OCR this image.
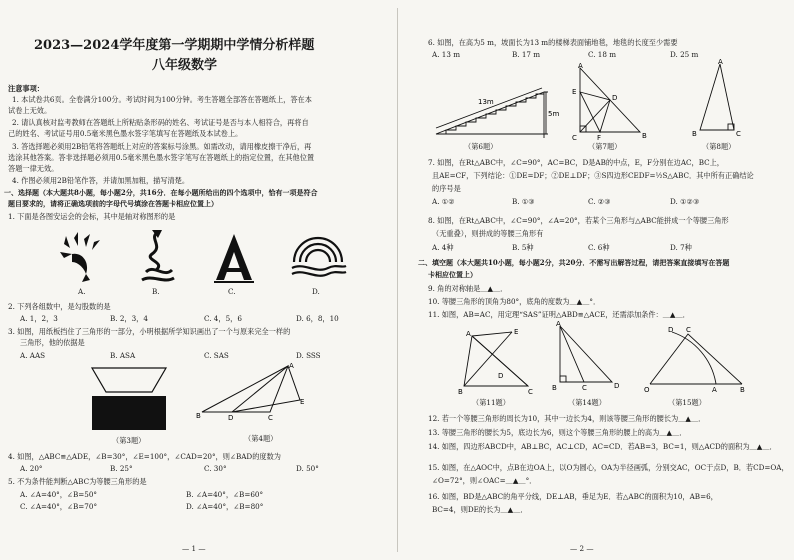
2023—2024学年度第一学期期中学情分析样题
八年级数学
注意事项：
1. 本试卷共6页。全卷满分100分。考试时间为100分钟。考生答题全部答在答题纸上，答在本
试卷上无效。
2. 请认真核对监考教师在答题纸上所粘贴条形码的姓名、考试证号是否与本人相符合，再将自
己的姓名、考试证号用0.5毫米黑色墨水签字笔填写在答题纸及本试卷上。
3. 答选择题必须用2B铅笔将答题纸上对应的答案标号涂黑。如需改动，请用橡皮擦干净后，再
选涂其他答案。答非选择题必须用0.5毫米黑色墨水签字笔写在答题纸上的指定位置，在其他位置
答题一律无效。
4. 作图必须用2B铅笔作答，并请加黑加粗，描写清楚。
一、选择题（本大题共8小题，每小题2分，共16分．在每小题所给出的四个选项中，恰有一项是符合
题目要求的，请将正确选项前的字母代号填涂在答题卡相应位置上）
1. 下面是各图安运会的会标，其中是轴对称图形的是
A.	B.	C.	D.
2. 下列各组数中，是勾股数的是
A. 1，2，3	B. 2，3，4	C. 4，5，6	D. 6，8，10
3. 如图，用纸板挡住了三角形的一部分，小明根据所学知识画出了一个与原来完全一样的
三角形，他的依据是
A. AAS	B. ASA	C. SAS	D. SSS
（第3题）
A
B	C
D
E
（第4题）
4. 如图，△ABC≌△ADE，∠B=30°，∠E=100°，∠CAD=20°，则∠BAD的度数为
A. 20°	B. 25°	C. 30°	D. 50°
5. 不为条件能判断△ABC为等腰三角形的是
A. ∠A=40°，∠B=50°	B. ∠A=40°，∠B=60°
C. ∠A=40°，∠B=70°	D. ∠A=40°，∠B=80°
— 1 —
6. 如图，在高为5 m，坡面长为13 m的楼梯表面铺地毯，地毯的长度至少需要
A. 13 m	B. 17 m	C. 18 m	D. 25 m
13m
5m
（第6题）
A
E
D
B
F
C
（第7题）
A
B	C
（第8题）
7. 如图，在Rt△ABC中，∠C=90°，AC=BC，D是AB的中点，E，F分别在边AC，BC上，
且AE=CF，下列结论：①DE=DF；②DE⊥DF；③S四边形CEDF=½S△ABC．其中所有正确结论
的序号是
A. ①②	B. ①③	C. ②③	D. ①②③
8. 如图，在Rt△ABC中，∠C=90°，∠A=20°，若某个三角形与△ABC能拼成一个等腰三角形
（无重叠），则拼成的等腰三角形有
A. 4种	B. 5种	C. 6种	D. 7种
二、填空题（本大题共10小题，每小题2分，共20分．不需写出解答过程，请把答案直接填写在答题
卡相应位置上）
9. 角的对称轴是＿▲＿．
10. 等腰三角形的顶角为80°，底角的度数为＿▲＿°．
11. 如图，AB=AC，用定理“SAS”证明△ABD≌△ACE，还需添加条件：＿▲＿．
A	E
D
B	C
（第11题）
A
D
B	C
（第14题）
D C
O	A	B
（第15题）
12. 若一个等腰三角形的周长为10，其中一边长为4，则该等腰三角形的腰长为＿▲＿．
13. 等腰三角形的腰长为5，底边长为6，则这个等腰三角形的腰上的高为＿▲＿．
14. 如图，四边形ABCD中，AB⊥BC，AC⊥CD，AC=CD．若AB=3，BC=1，则△ACD的面积为＿▲＿．
15. 如图，在△AOC中，点B在边OA上，以O为圆心，OA为半径画弧，分别交AC，OC于点D，B．若CD=OA，
∠O=72°，则∠OAC=＿▲＿°．
16. 如图，BD是△ABC的角平分线，DE⊥AB，垂足为E．若△ABC的面积为10，AB=6，
BC=4，则DE的长为＿▲＿．
— 2 —
